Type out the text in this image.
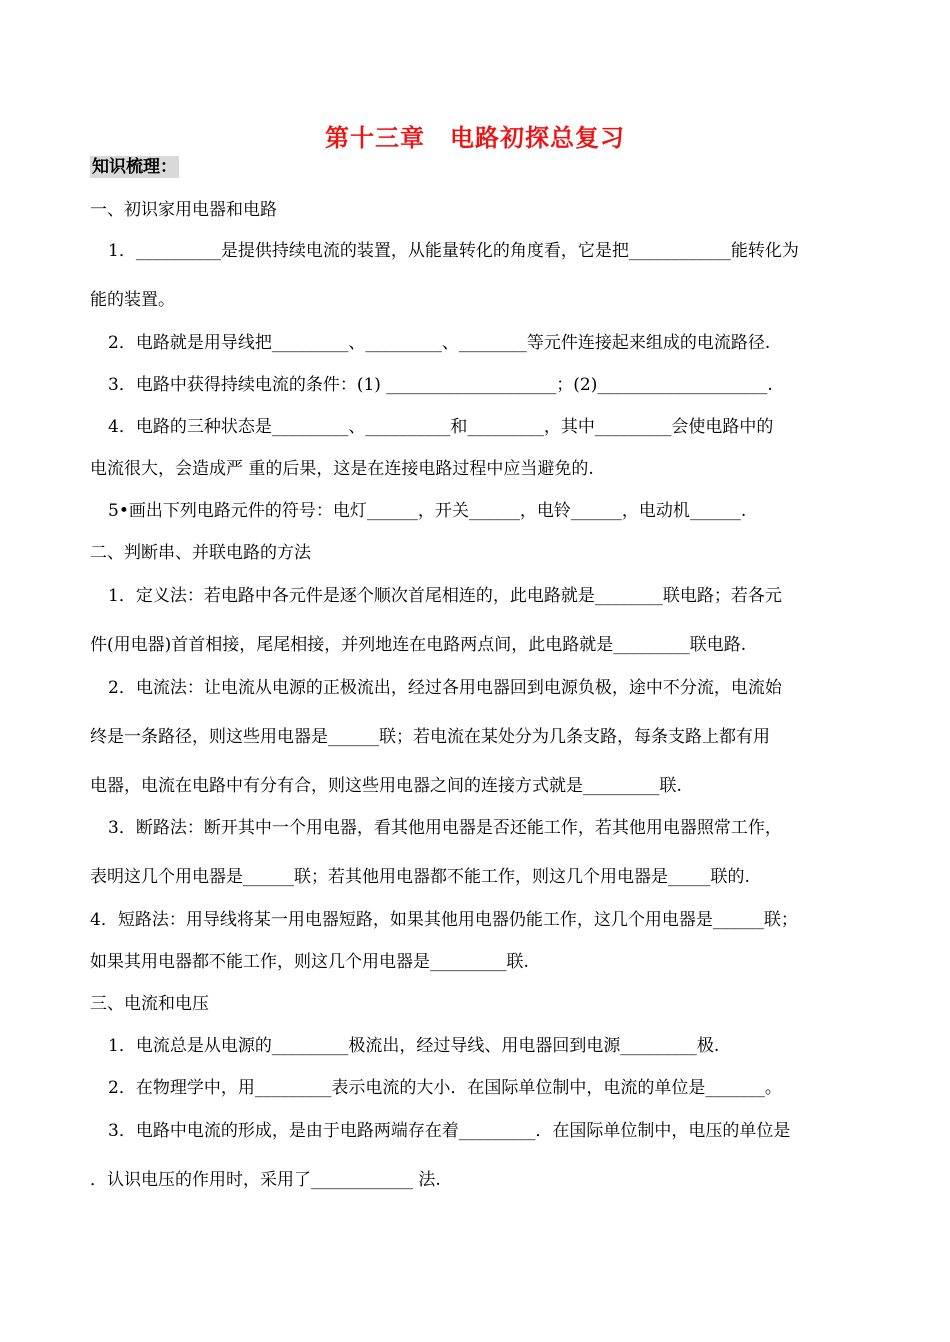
第十三章　电路初探总复习
知识梳理：
一、初识家用电器和电路
1．__________是提供持续电流的装置，从能量转化的角度看，它是把____________能转化为
能的装置。
2．电路就是用导线把_________、_________、________等元件连接起来组成的电流路径.
3．电路中获得持续电流的条件：(1) ____________________；(2)____________________.
4．电路的三种状态是_________、__________和_________，其中_________会使电路中的
电流很大，会造成严 重的后果，这是在连接电路过程中应当避免的.
5•画出下列电路元件的符号：电灯______，开关______，电铃______，电动机______.
二、判断串、并联电路的方法
1．定义法：若电路中各元件是逐个顺次首尾相连的，此电路就是________联电路；若各元
件(用电器)首首相接，尾尾相接，并列地连在电路两点间，此电路就是_________联电路.
2．电流法：让电流从电源的正极流出，经过各用电器回到电源负极，途中不分流，电流始
终是一条路径，则这些用电器是______联；若电流在某处分为几条支路，每条支路上都有用
电器，电流在电路中有分有合，则这些用电器之间的连接方式就是_________联.
3．断路法：断开其中一个用电器，看其他用电器是否还能工作，若其他用电器照常工作，
表明这几个用电器是______联；若其他用电器都不能工作，则这几个用电器是_____联的.
4．短路法：用导线将某一用电器短路，如果其他用电器仍能工作，这几个用电器是______联；
如果其用电器都不能工作，则这几个用电器是_________联.
三、电流和电压
1．电流总是从电源的_________极流出，经过导线、用电器回到电源_________极.
2．在物理学中，用_________表示电流的大小．在国际单位制中，电流的单位是_______。
3．电路中电流的形成，是由于电路两端存在着_________．在国际单位制中，电压的单位是
．认识电压的作用时，采用了____________ 法.
